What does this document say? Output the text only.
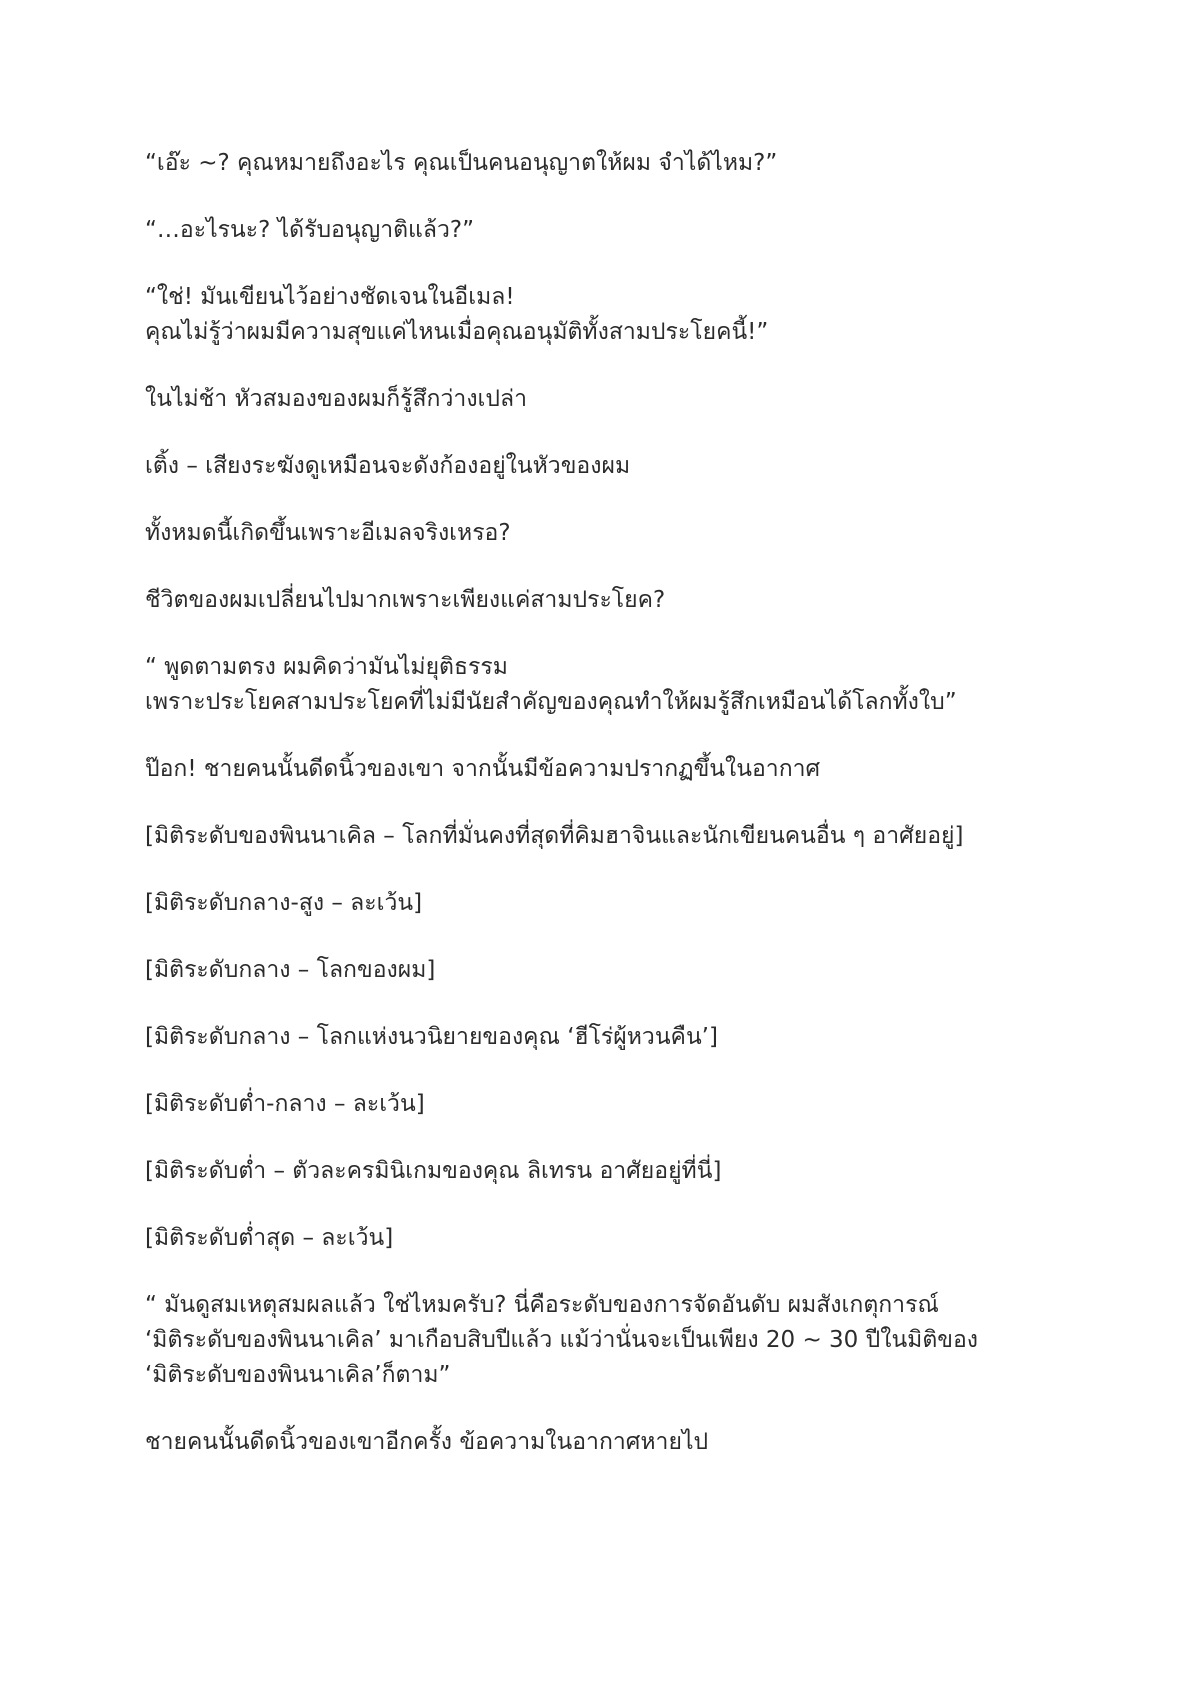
“เอ๊ะ ~? คุณหมายถึงอะไร คุณเป็นคนอนุญาตให้ผม จำได้ไหม?”

“…อะไรนะ? ได้รับอนุญาติแล้ว?”

“ใช่! มันเขียนไว้อย่างชัดเจนในอีเมล!
คุณไม่รู้ว่าผมมีความสุขแค่ไหนเมื่อคุณอนุมัติทั้งสามประโยคนี้!”

ในไม่ช้า หัวสมองของผมก็รู้สึกว่างเปล่า

เติ้ง – เสียงระฆังดูเหมือนจะดังก้องอยู่ในหัวของผม

ทั้งหมดนี้เกิดขึ้นเพราะอีเมลจริงเหรอ?

ชีวิตของผมเปลี่ยนไปมากเพราะเพียงแค่สามประโยค?

“ พูดตามตรง ผมคิดว่ามันไม่ยุติธรรม
เพราะประโยคสามประโยคที่ไม่มีนัยสำคัญของคุณทำให้ผมรู้สึกเหมือนได้โลกทั้งใบ”

ป๊อก! ชายคนนั้นดีดนิ้วของเขา จากนั้นมีข้อความปรากฏขึ้นในอากาศ

[มิติระดับของพินนาเคิล – โลกที่มั่นคงที่สุดที่คิมฮาจินและนักเขียนคนอื่น ๆ อาศัยอยู่]

[มิติระดับกลาง-สูง – ละเว้น]

[มิติระดับกลาง – โลกของผม]

[มิติระดับกลาง – โลกแห่งนวนิยายของคุณ ‘ฮีโร่ผู้หวนคืน’]

[มิติระดับต่ำ-กลาง – ละเว้น]

[มิติระดับต่ำ – ตัวละครมินิเกมของคุณ ลิเทรน อาศัยอยู่ที่นี่]

[มิติระดับต่ำสุด – ละเว้น]

“ มันดูสมเหตุสมผลแล้ว ใช่ไหมครับ? นี่คือระดับของการจัดอันดับ ผมสังเกตุการณ์
‘มิติระดับของพินนาเคิล’ มาเกือบสิบปีแล้ว แม้ว่านั่นจะเป็นเพียง 20 ~ 30 ปีในมิติของ
‘มิติระดับของพินนาเคิล’ก็ตาม”

ชายคนนั้นดีดนิ้วของเขาอีกครั้ง ข้อความในอากาศหายไป
